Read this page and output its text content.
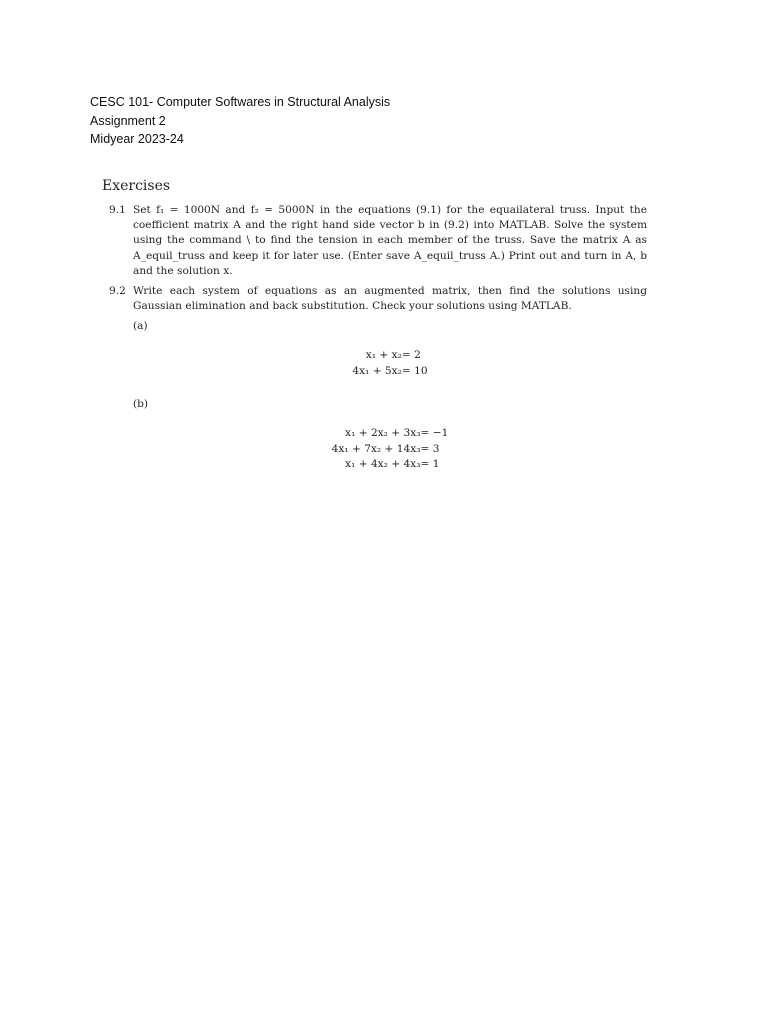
CESC 101- Computer Softwares in Structural Analysis
Assignment 2
Midyear 2023-24
Exercises
9.1 Set f₁ = 1000N and f₂ = 5000N in the equations (9.1) for the equailateral truss. Input the coefficient matrix A and the right hand side vector b in (9.2) into MATLAB. Solve the system using the command \ to find the tension in each member of the truss. Save the matrix A as A_equil_truss and keep it for later use. (Enter save A_equil_truss A.) Print out and turn in A, b and the solution x.
9.2 Write each system of equations as an augmented matrix, then find the solutions using Gaussian elimination and back substitution. Check your solutions using MATLAB.
(a)
x₁ + x₂	= 2
4x₁ + 5x₂	= 10
(b)
x₁ + 2x₂ + 3x₃	= −1
4x₁ + 7x₂ + 14x₃	= 3
x₁ + 4x₂ + 4x₃	= 1
